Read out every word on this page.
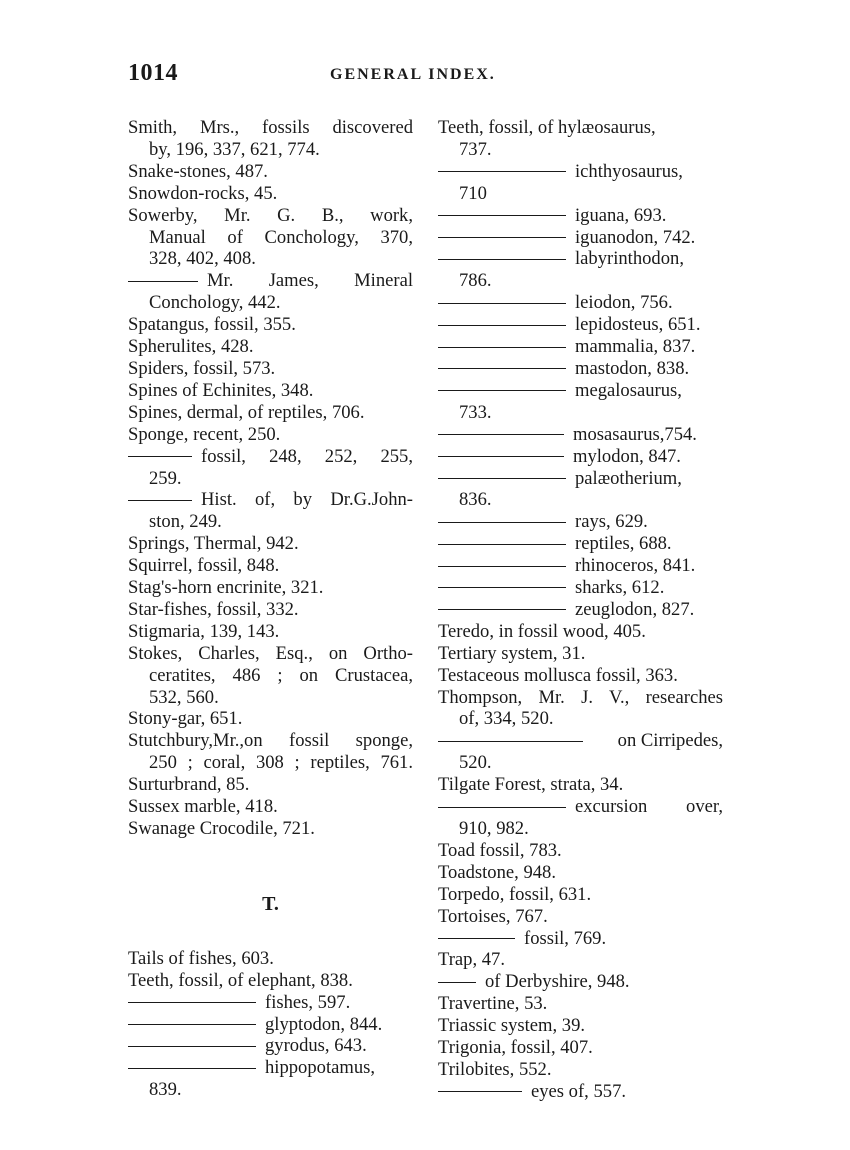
1014	GENERAL INDEX.
Smith, Mrs., fossils discovered
by, 196, 337, 621, 774.
Snake-stones, 487.
Snowdon-rocks, 45.
Sowerby, Mr. G. B., work,
Manual of Conchology, 370,
328, 402, 408.
Mr. James, Mineral
Conchology, 442.
Spatangus, fossil, 355.
Spherulites, 428.
Spiders, fossil, 573.
Spines of Echinites, 348.
Spines, dermal, of reptiles, 706.
Sponge, recent, 250.
fossil, 248, 252, 255,
259.
Hist. of, by Dr.G.John-
ston, 249.
Springs, Thermal, 942.
Squirrel, fossil, 848.
Stag's-horn encrinite, 321.
Star-fishes, fossil, 332.
Stigmaria, 139, 143.
Stokes, Charles, Esq., on Ortho-
ceratites, 486 ; on Crustacea,
532, 560.
Stony-gar, 651.
Stutchbury,Mr.,on fossil sponge,
250 ; coral, 308 ; reptiles, 761.
Surturbrand, 85.
Sussex marble, 418.
Swanage Crocodile, 721.
T.
Tails of fishes, 603.
Teeth, fossil, of elephant, 838.
fishes, 597.
glyptodon, 844.
gyrodus, 643.
hippopotamus,
839.
Teeth, fossil, of hylæosaurus,
737.
ichthyosaurus,
710
iguana, 693.
iguanodon, 742.
labyrinthodon,
786.
leiodon, 756.
lepidosteus, 651.
mammalia, 837.
mastodon, 838.
megalosaurus,
733.
mosasaurus,754.
mylodon, 847.
palæotherium,
836.
rays, 629.
reptiles, 688.
rhinoceros, 841.
sharks, 612.
zeuglodon, 827.
Teredo, in fossil wood, 405.
Tertiary system, 31.
Testaceous mollusca fossil, 363.
Thompson, Mr. J. V., researches
of, 334, 520.
on Cirripedes,
520.
Tilgate Forest, strata, 34.
excursion over,
910, 982.
Toad fossil, 783.
Toadstone, 948.
Torpedo, fossil, 631.
Tortoises, 767.
fossil, 769.
Trap, 47.
of Derbyshire, 948.
Travertine, 53.
Triassic system, 39.
Trigonia, fossil, 407.
Trilobites, 552.
eyes of, 557.
